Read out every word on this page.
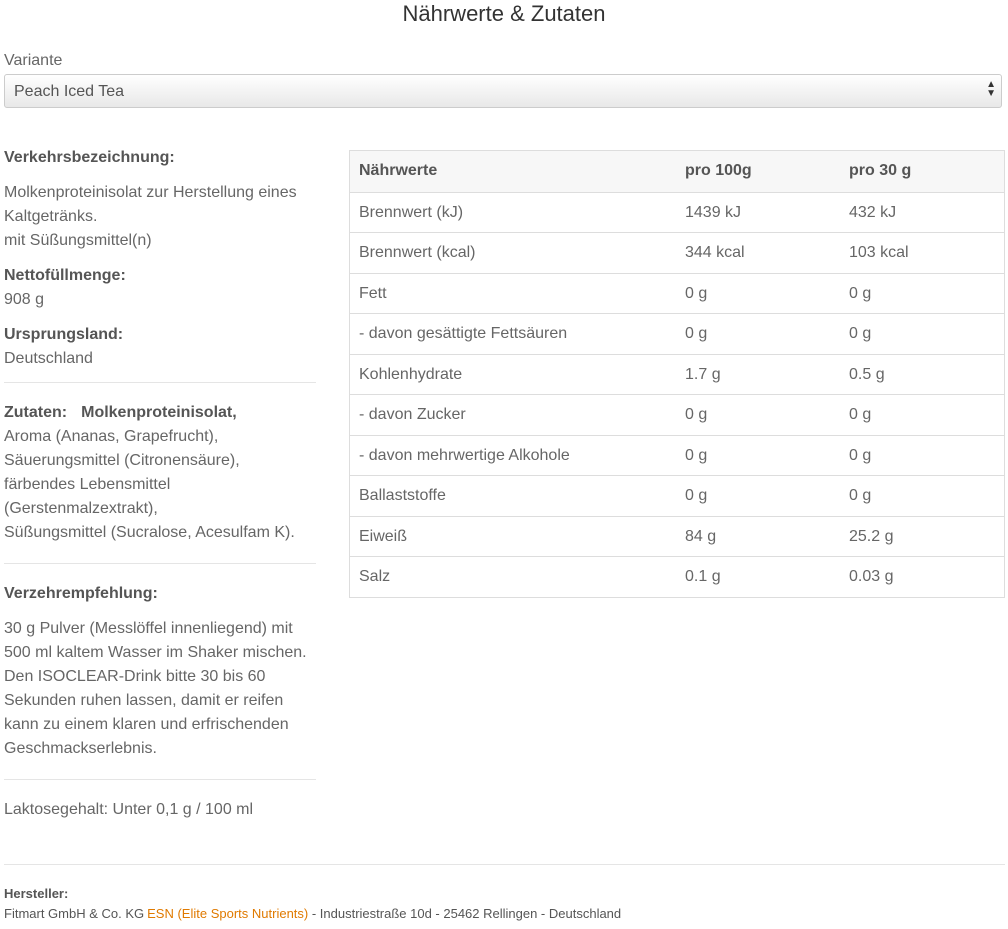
Nährwerte & Zutaten
Variante
Peach Iced Tea	▲
▼

Verkehrsbezeichnung:

Molkenproteinisolat zur Herstellung eines

Kaltgetränks.

mit Süßungsmittel(n)

Nettofüllmenge:

908 g

Ursprungsland:

Deutschland

Zutaten: Molkenproteinisolat,

Aroma (Ananas, Grapefrucht),

Säuerungsmittel (Citronensäure),

färbendes Lebensmittel

(Gerstenmalzextrakt),

Süßungsmittel (Sucralose, Acesulfam K).

Verzehrempfehlung:

30 g Pulver (Messlöffel innenliegend) mit

500 ml kaltem Wasser im Shaker mischen.

Den ISOCLEAR-Drink bitte 30 bis 60

Sekunden ruhen lassen, damit er reifen

kann zu einem klaren und erfrischenden

Geschmackserlebnis.

Laktosegehalt: Unter 0,1 g / 100 ml

Nährwerte	pro 100g	pro 30 g
Brennwert (kJ)	1439 kJ	432 kJ
Brennwert (kcal)	344 kcal	103 kcal
Fett	0 g	0 g
- davon gesättigte Fettsäuren	0 g	0 g
Kohlenhydrate	1.7 g	0.5 g
- davon Zucker	0 g	0 g
- davon mehrwertige Alkohole	0 g	0 g
Ballaststoffe	0 g	0 g
Eiweiß	84 g	25.2 g
Salz	0.1 g	0.03 g
Hersteller:
Fitmart GmbH & Co. KG ESN (Elite Sports Nutrients) - Industriestraße 10d - 25462 Rellingen - Deutschland
